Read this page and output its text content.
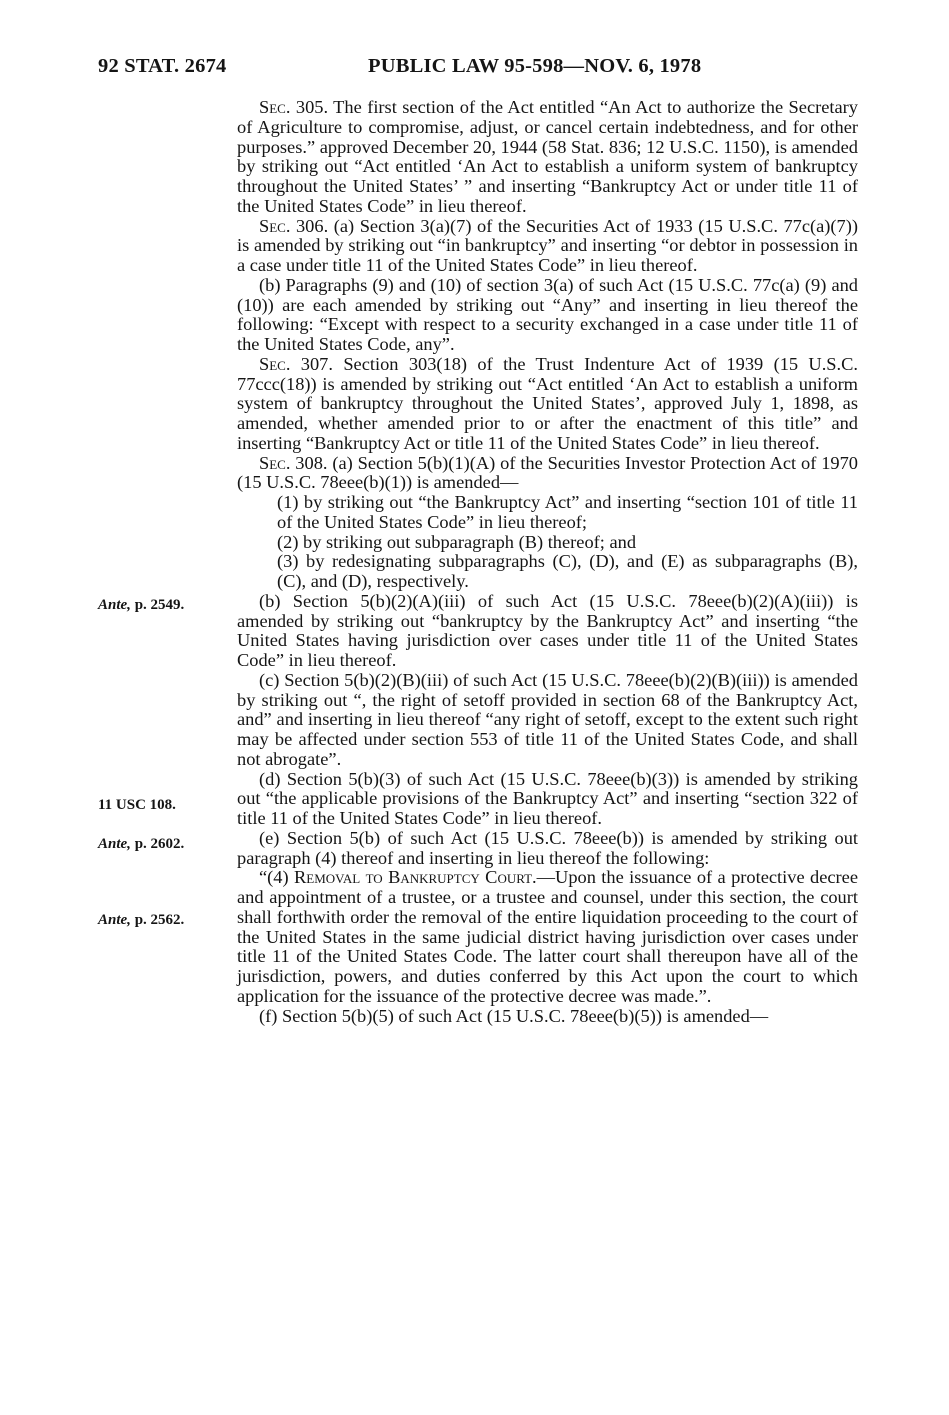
92 STAT. 2674	PUBLIC LAW 95-598—NOV. 6, 1978

Sec. 305. The first section of the Act entitled “An Act to authorize the Secretary of Agriculture to compromise, adjust, or cancel certain indebtedness, and for other purposes.” approved December 20, 1944 (58 Stat. 836; 12 U.S.C. 1150), is amended by striking out “Act entitled ‘An Act to establish a uniform system of bankruptcy throughout the United States’ ” and inserting “Bankruptcy Act or under title 11 of the United States Code” in lieu thereof.

Sec. 306. (a) Section 3(a)(7) of the Securities Act of 1933 (15 U.S.C. 77c(a)(7)) is amended by striking out “in bankruptcy” and inserting “or debtor in possession in a case under title 11 of the United States Code” in lieu thereof.

(b) Paragraphs (9) and (10) of section 3(a) of such Act (15 U.S.C. 77c(a) (9) and (10)) are each amended by striking out “Any” and inserting in lieu thereof the following: “Except with respect to a security exchanged in a case under title 11 of the United States Code, any”.

Sec. 307. Section 303(18) of the Trust Indenture Act of 1939 (15 U.S.C. 77ccc(18)) is amended by striking out “Act entitled ‘An Act to establish a uniform system of bankruptcy throughout the United States’, approved July 1, 1898, as amended, whether amended prior to or after the enactment of this title” and inserting “Bankruptcy Act or title 11 of the United States Code” in lieu thereof.

Sec. 308. (a) Section 5(b)(1)(A) of the Securities Investor Protection Act of 1970 (15 U.S.C. 78eee(b)(1)) is amended—

(1) by striking out “the Bankruptcy Act” and inserting “section 101 of title 11 of the United States Code” in lieu thereof;

(2) by striking out subparagraph (B) thereof; and

(3) by redesignating subparagraphs (C), (D), and (E) as subparagraphs (B), (C), and (D), respectively.

(b) Section 5(b)(2)(A)(iii) of such Act (15 U.S.C. 78eee(b)(2)(A)(iii)) is amended by striking out “bankruptcy by the Bankruptcy Act” and inserting “the United States having jurisdiction over cases under title 11 of the United States Code” in lieu thereof.

(c) Section 5(b)(2)(B)(iii) of such Act (15 U.S.C. 78eee(b)(2)(B)(iii)) is amended by striking out “, the right of setoff provided in section 68 of the Bankruptcy Act, and” and inserting in lieu thereof “any right of setoff, except to the extent such right may be affected under section 553 of title 11 of the United States Code, and shall not abrogate”.

(d) Section 5(b)(3) of such Act (15 U.S.C. 78eee(b)(3)) is amended by striking out “the applicable provisions of the Bankruptcy Act” and inserting “section 322 of title 11 of the United States Code” in lieu thereof.

(e) Section 5(b) of such Act (15 U.S.C. 78eee(b)) is amended by striking out paragraph (4) thereof and inserting in lieu thereof the following:

“(4) Removal to Bankruptcy Court.—Upon the issuance of a protective decree and appointment of a trustee, or a trustee and counsel, under this section, the court shall forthwith order the removal of the entire liquidation proceeding to the court of the United States in the same judicial district having jurisdiction over cases under title 11 of the United States Code. The latter court shall thereupon have all of the jurisdiction, powers, and duties conferred by this Act upon the court to which application for the issuance of the protective decree was made.”.

(f) Section 5(b)(5) of such Act (15 U.S.C. 78eee(b)(5)) is amended—

Ante, p. 2549.
11 USC 108.
Ante, p. 2602.
Ante, p. 2562.
